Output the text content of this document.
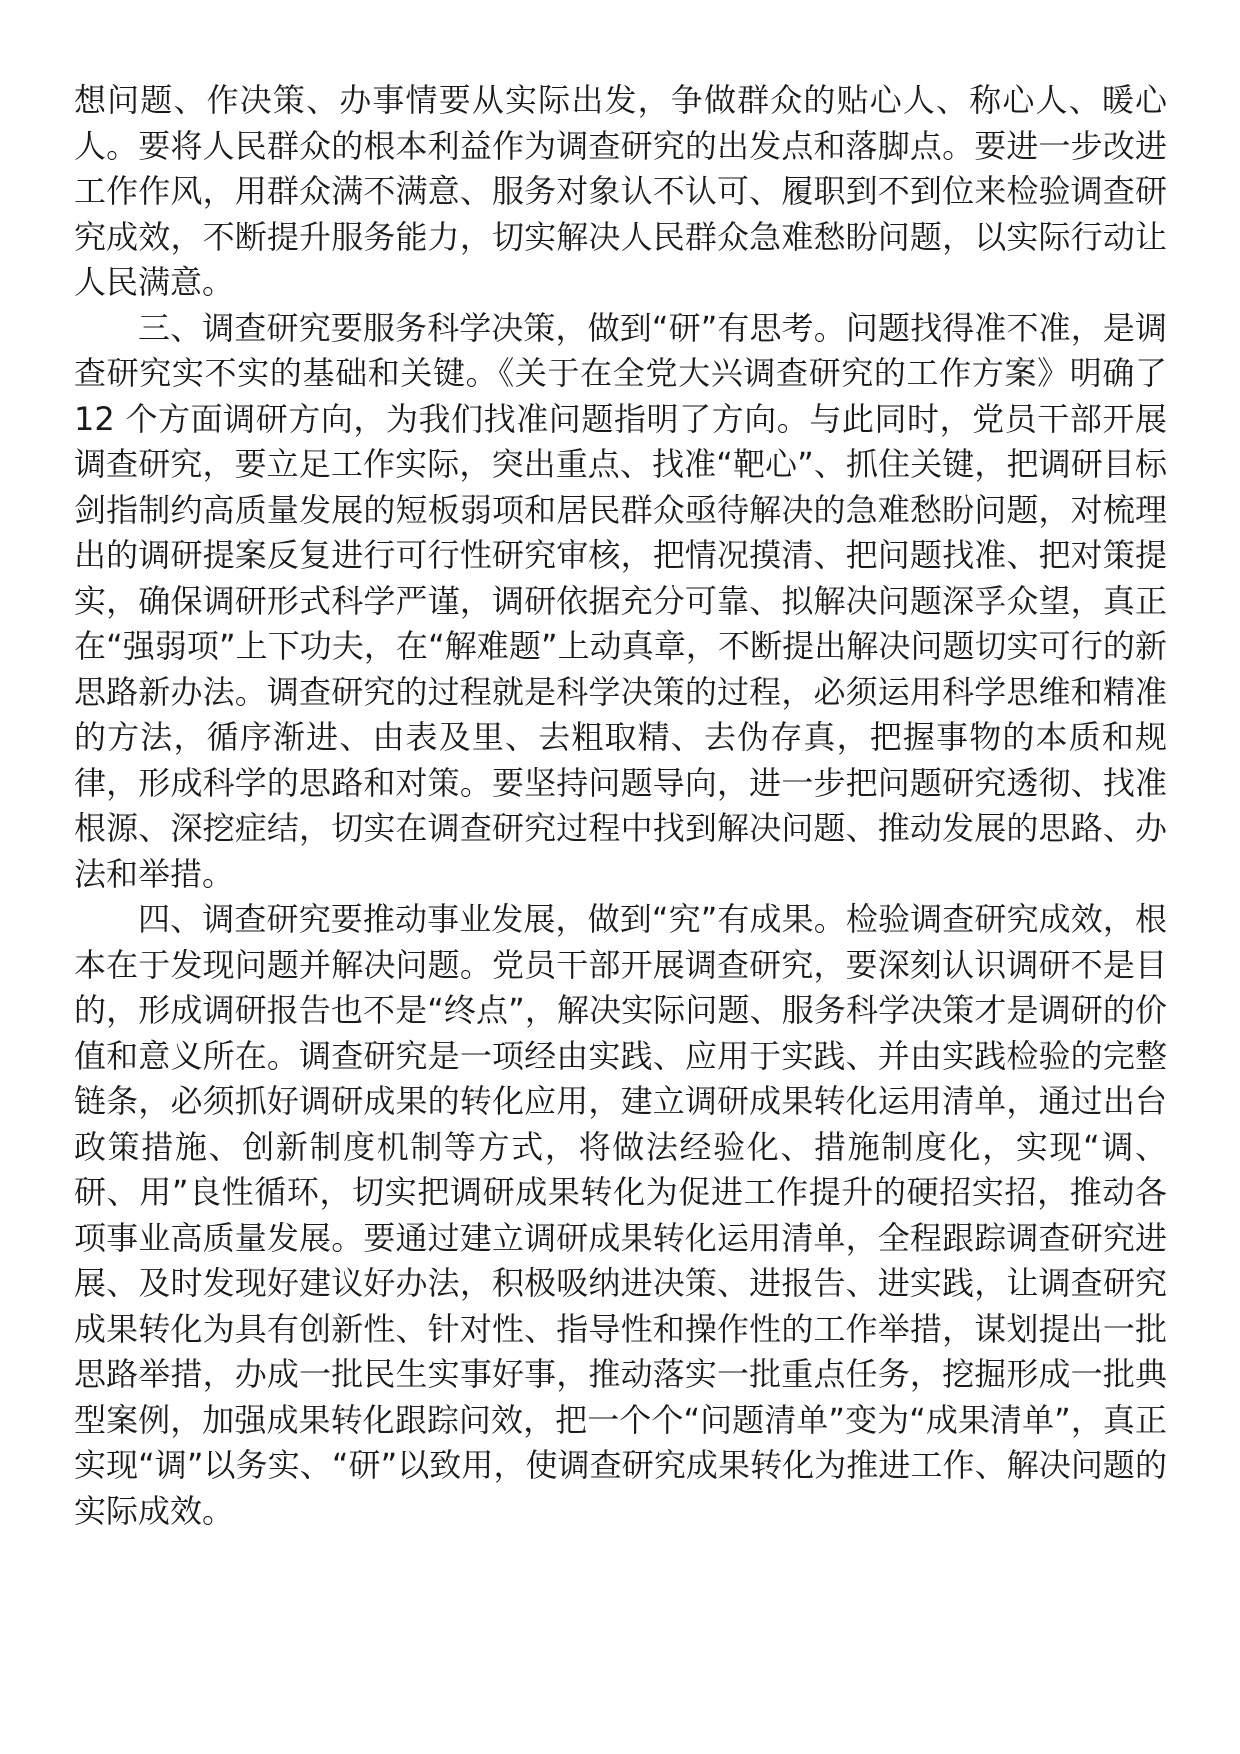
想问题、作决策、办事情要从实际出发，争做群众的贴心人、称心人、暖心人。要将人民群众的根本利益作为调查研究的出发点和落脚点。要进一步改进工作作风，用群众满不满意、服务对象认不认可、履职到不到位来检验调查研究成效，不断提升服务能力，切实解决人民群众急难愁盼问题，以实际行动让人民满意。

三、调查研究要服务科学决策，做到“研”有思考。问题找得准不准，是调查研究实不实的基础和关键。《关于在全党大兴调查研究的工作方案》明确了 12 个方面调研方向，为我们找准问题指明了方向。与此同时，党员干部开展调查研究，要立足工作实际，突出重点、找准“靶心”、抓住关键，把调研目标剑指制约高质量发展的短板弱项和居民群众亟待解决的急难愁盼问题，对梳理出的调研提案反复进行可行性研究审核，把情况摸清、把问题找准、把对策提实，确保调研形式科学严谨，调研依据充分可靠、拟解决问题深孚众望，真正在“强弱项”上下功夫，在“解难题”上动真章，不断提出解决问题切实可行的新思路新办法。调查研究的过程就是科学决策的过程，必须运用科学思维和精准的方法，循序渐进、由表及里、去粗取精、去伪存真，把握事物的本质和规律，形成科学的思路和对策。要坚持问题导向，进一步把问题研究透彻、找准根源、深挖症结，切实在调查研究过程中找到解决问题、推动发展的思路、办法和举措。

四、调查研究要推动事业发展，做到“究”有成果。检验调查研究成效，根本在于发现问题并解决问题。党员干部开展调查研究，要深刻认识调研不是目的，形成调研报告也不是“终点”，解决实际问题、服务科学决策才是调研的价值和意义所在。调查研究是一项经由实践、应用于实践、并由实践检验的完整链条，必须抓好调研成果的转化应用，建立调研成果转化运用清单，通过出台政策措施、创新制度机制等方式，将做法经验化、措施制度化，实现“调、研、用”良性循环，切实把调研成果转化为促进工作提升的硬招实招，推动各项事业高质量发展。要通过建立调研成果转化运用清单，全程跟踪调查研究进展、及时发现好建议好办法，积极吸纳进决策、进报告、进实践，让调查研究成果转化为具有创新性、针对性、指导性和操作性的工作举措，谋划提出一批思路举措，办成一批民生实事好事，推动落实一批重点任务，挖掘形成一批典型案例，加强成果转化跟踪问效，把一个个“问题清单”变为“成果清单”，真正实现“调”以务实、“研”以致用，使调查研究成果转化为推进工作、解决问题的实际成效。
